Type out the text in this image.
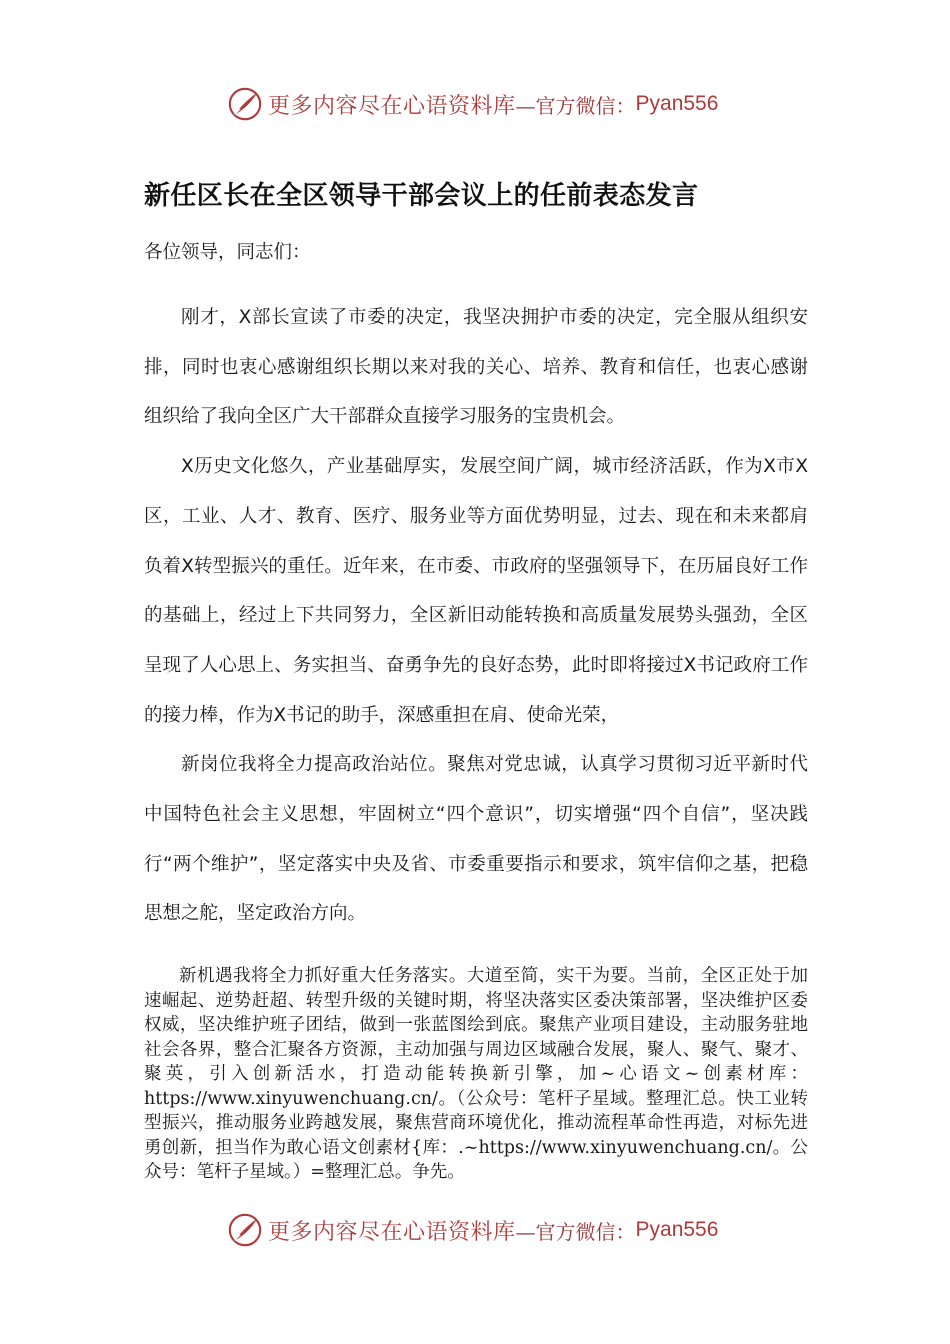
更多内容尽在心语资料库 —官方微信： Pyan556
新任区长在全区领导干部会议上的任前表态发言

各位领导，同志们：

刚才，X部长宣读了市委的决定，我坚决拥护市委的决定，完全服从组织安排，同时也衷心感谢组织长期以来对我的关心、培养、教育和信任，也衷心感谢组织给了我向全区广大干部群众直接学习服务的宝贵机会。

X历史文化悠久，产业基础厚实，发展空间广阔，城市经济活跃，作为X市X区，工业、人才、教育、医疗、服务业等方面优势明显，过去、现在和未来都肩负着X转型振兴的重任。近年来，在市委、市政府的坚强领导下，在历届良好工作的基础上，经过上下共同努力，全区新旧动能转换和高质量发展势头强劲，全区呈现了人心思上、务实担当、奋勇争先的良好态势，此时即将接过X书记政府工作的接力棒，作为X书记的助手，深感重担在肩、使命光荣，

新岗位我将全力提高政治站位。聚焦对党忠诚，认真学习贯彻习近平新时代中国特色社会主义思想，牢固树立“四个意识”，切实增强“四个自信”，坚决践行“两个维护”，坚定落实中央及省、市委重要指示和要求，筑牢信仰之基，把稳思想之舵，坚定政治方向。

新机遇我将全力抓好重大任务落实。大道至简，实干为要。当前，全区正处于加速崛起、逆势赶超、转型升级的关键时期，将坚决落实区委决策部署，坚决维护区委权威，坚决维护班子团结，做到一张蓝图绘到底。聚焦产业项目建设，主动服务驻地社会各界，整合汇聚各方资源，主动加强与周边区域融合发展，聚人、聚气、聚才、聚英，引入创新活水，打造动能转换新引擎，加~心语文~创素材库：https://www.xinyuwenchuang.cn/。（公众号：笔杆子星域。整理汇总。快工业转型振兴，推动服务业跨越发展，聚焦营商环境优化，推动流程革命性再造，对标先进勇创新，担当作为敢心语文创素材{库：.~https://www.xinyuwenchuang.cn/。公众号：笔杆子星域。）=整理汇总。争先。

更多内容尽在心语资料库 —官方微信： Pyan556
